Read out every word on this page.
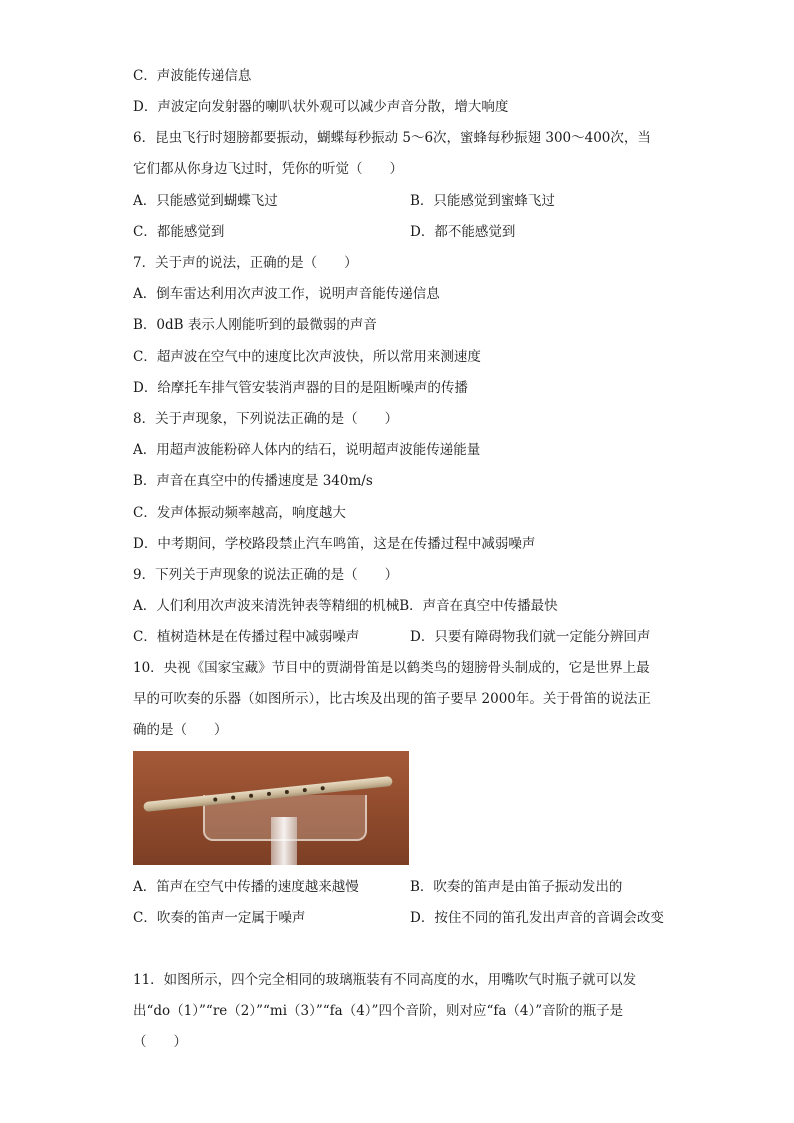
C．声波能传递信息
D．声波定向发射器的喇叭状外观可以减少声音分散，增大响度
6．昆虫飞行时翅膀都要振动，蝴蝶每秒振动 5～6次，蜜蜂每秒振翅 300～400次，当
它们都从你身边飞过时，凭你的听觉（　　）
A．只能感觉到蝴蝶飞过	B．只能感觉到蜜蜂飞过
C．都能感觉到	D．都不能感觉到
7．关于声的说法，正确的是（　　）
A．倒车雷达利用次声波工作，说明声音能传递信息
B．0dB 表示人刚能听到的最微弱的声音
C．超声波在空气中的速度比次声波快，所以常用来测速度
D．给摩托车排气管安装消声器的目的是阻断噪声的传播
8．关于声现象，下列说法正确的是（　　）
A．用超声波能粉碎人体内的结石，说明超声波能传递能量
B．声音在真空中的传播速度是 340m/s
C．发声体振动频率越高，响度越大
D．中考期间，学校路段禁止汽车鸣笛，这是在传播过程中减弱噪声
9．下列关于声现象的说法正确的是（　　）
A．人们利用次声波来清洗钟表等精细的机械B．声音在真空中传播最快
C．植树造林是在传播过程中减弱噪声	D．只要有障碍物我们就一定能分辨回声
10．央视《国家宝藏》节目中的贾湖骨笛是以鹤类鸟的翅膀骨头制成的，它是世界上最早的可吹奏的乐器（如图所示），比古埃及出现的笛子要早 2000年。关于骨笛的说法正确的是（　　）
A．笛声在空气中传播的速度越来越慢	B．吹奏的笛声是由笛子振动发出的
C．吹奏的笛声一定属于噪声	D．按住不同的笛孔发出声音的音调会改变
11．如图所示，四个完全相同的玻璃瓶装有不同高度的水，用嘴吹气时瓶子就可以发出“do（1）”“re（2）”“mi（3）”“fa（4）”四个音阶，则对应“fa（4）”音阶的瓶子是（　　）
